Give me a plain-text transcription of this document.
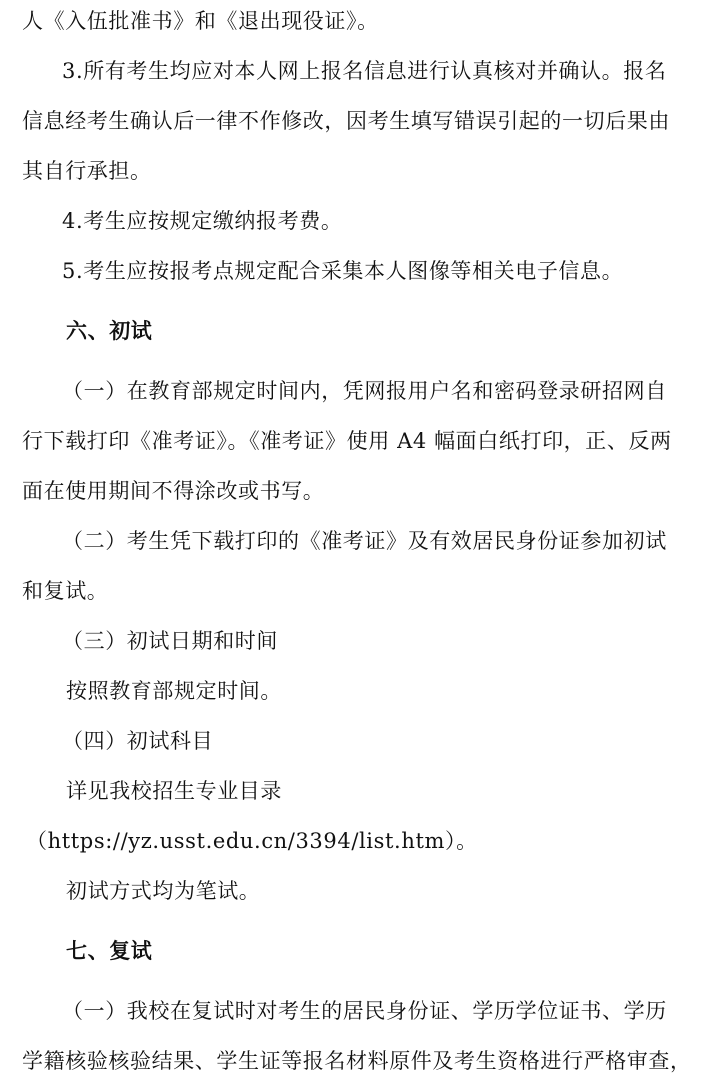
人《入伍批准书》和《退出现役证》。
3.所有考生均应对本人网上报名信息进行认真核对并确认。报名
信息经考生确认后一律不作修改，因考生填写错误引起的一切后果由
其自行承担。
4.考生应按规定缴纳报考费。
5.考生应按报考点规定配合采集本人图像等相关电子信息。
六、初试
（一）在教育部规定时间内，凭网报用户名和密码登录研招网自
行下载打印《准考证》。《准考证》使用 A4 幅面白纸打印，正、反两
面在使用期间不得涂改或书写。
（二）考生凭下载打印的《准考证》及有效居民身份证参加初试
和复试。
（三）初试日期和时间
按照教育部规定时间。
（四）初试科目
详见我校招生专业目录
（https://yz.usst.edu.cn/3394/list.htm）。
初试方式均为笔试。
七、复试
（一）我校在复试时对考生的居民身份证、学历学位证书、学历
学籍核验核验结果、学生证等报名材料原件及考生资格进行严格审查，
